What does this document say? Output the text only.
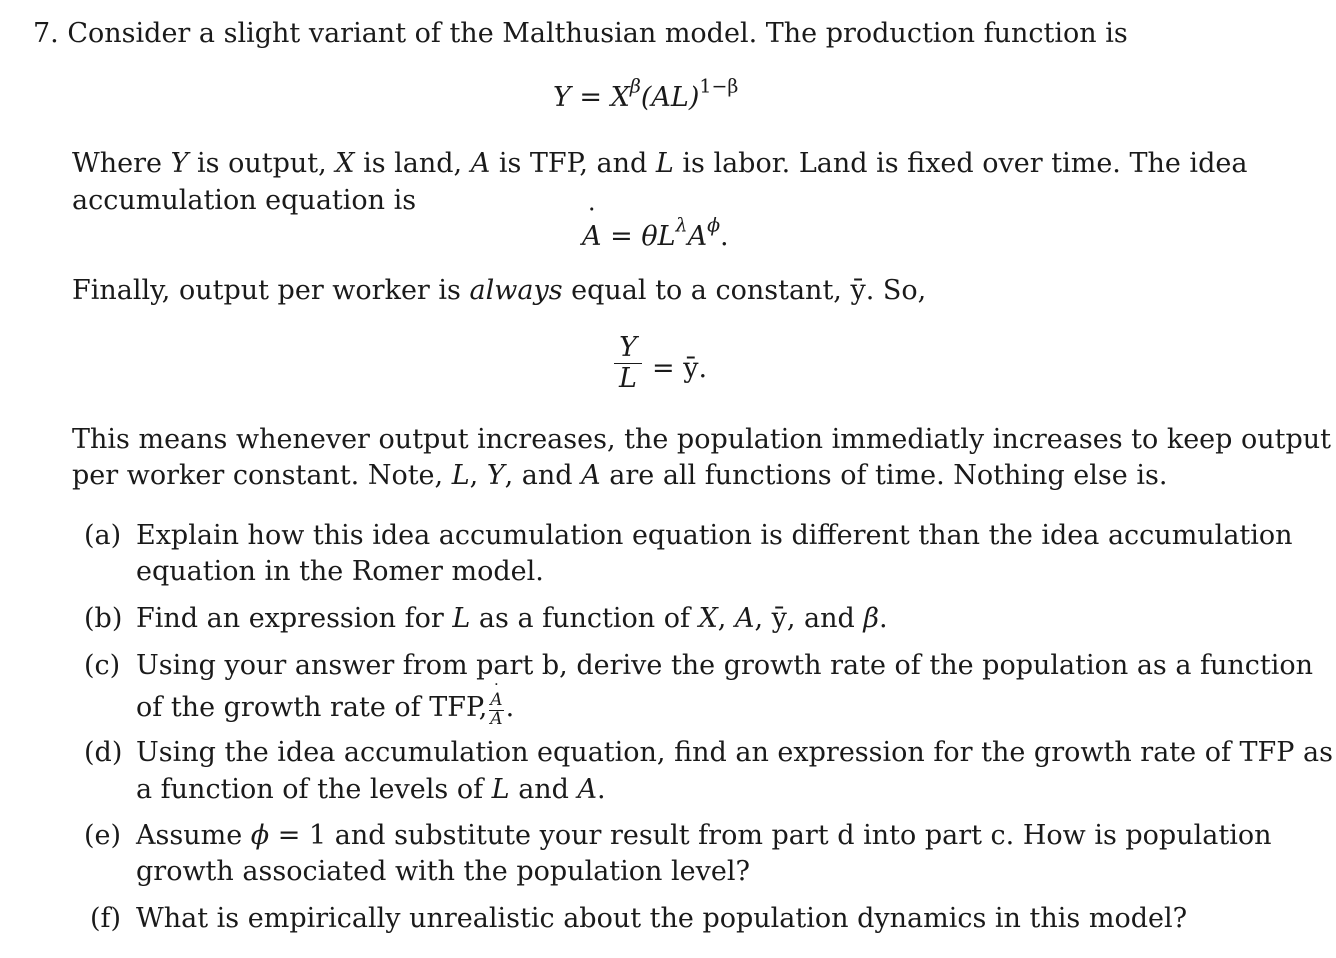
7. Consider a slight variant of the Malthusian model. The production function is
$Y = X^\beta(AL)^{1-\beta}$
Where Y is output, X is land, A is TFP, and L is labor. Land is fixed over time. The idea
accumulation equation is
A ˙ = $\theta L^\lambda A^\phi$.
Finally, output per worker is always equal to a constant, ȳ. So,
Y
L = ȳ.
This means whenever output increases, the population immediatly increases to keep output
per worker constant. Note, L, Y, and A are all functions of time. Nothing else is.
(a) Explain how this idea accumulation equation is different than the idea accumulation
equation in the Romer model.
(b) Find an expression for L as a function of X, A, ȳ, and β.
(c) Using your answer from part b, derive the growth rate of the population as a function
of the growth rate of TFP, $\frac{A ˙}{A}$ .
(d) Using the idea accumulation equation, find an expression for the growth rate of TFP as
a function of the levels of L and A.
(e) Assume ϕ = 1 and substitute your result from part d into part c. How is population
growth associated with the population level?
(f) What is empirically unrealistic about the population dynamics in this model?
